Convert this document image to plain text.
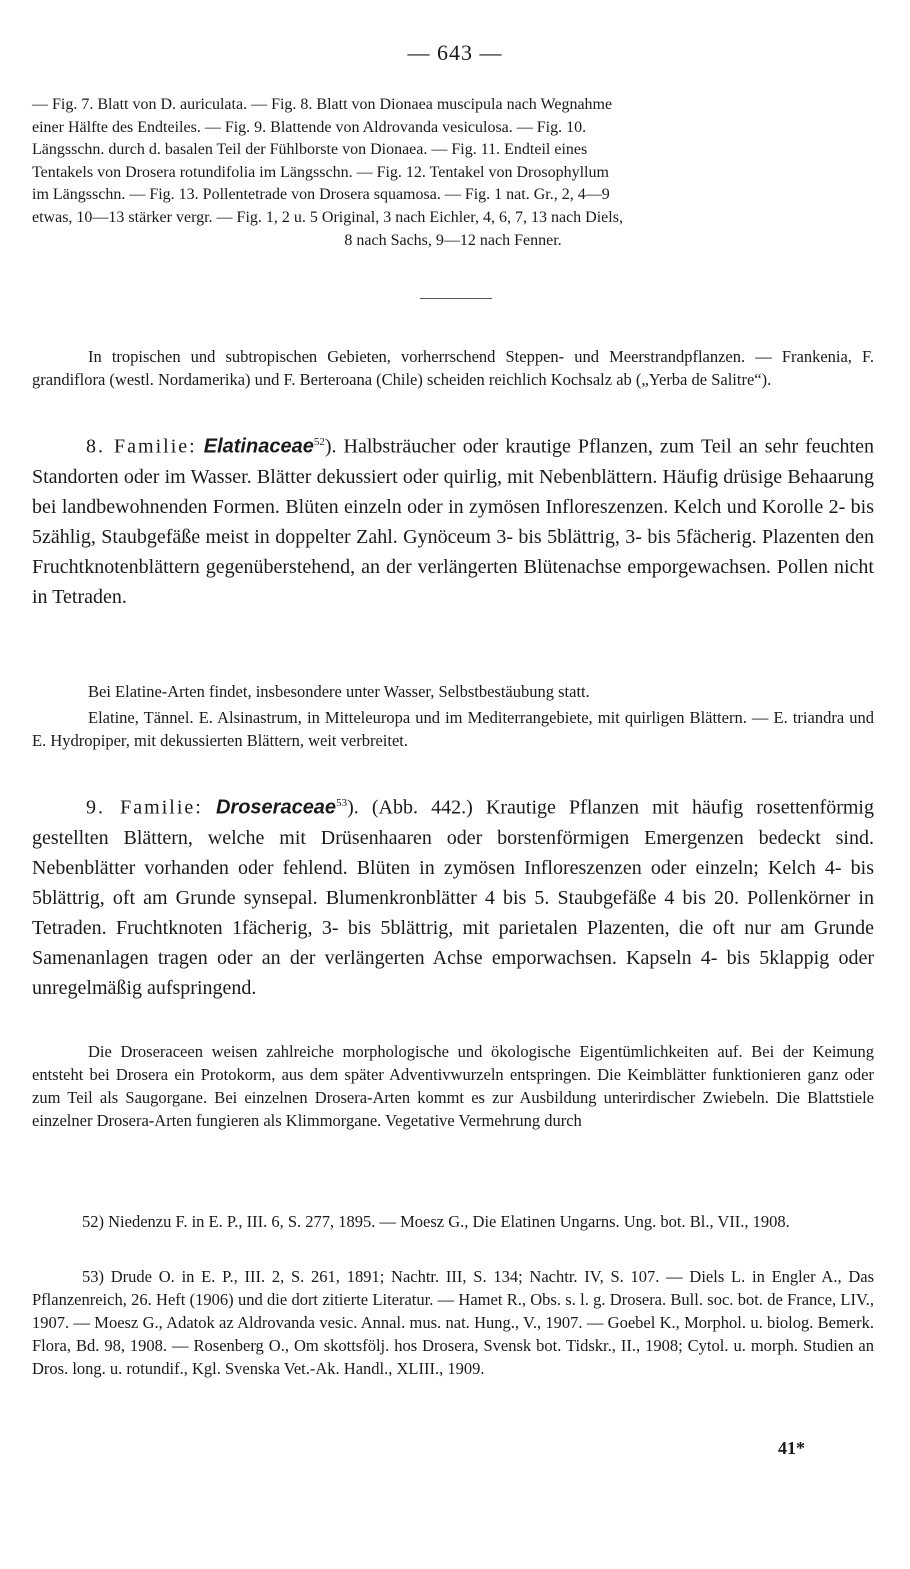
— 643 —
— Fig. 7. Blatt von D. auriculata. — Fig. 8. Blatt von Dionaea muscipula nach Wegnahme
einer Hälfte des Endteiles. — Fig. 9. Blattende von Aldrovanda vesiculosa. — Fig. 10.
Längsschn. durch d. basalen Teil der Fühlborste von Dionaea. — Fig. 11. Endteil eines
Tentakels von Drosera rotundifolia im Längsschn. — Fig. 12. Tentakel von Drosophyllum
im Längsschn. — Fig. 13. Pollentetrade von Drosera squamosa. — Fig. 1 nat. Gr., 2, 4—9
etwas, 10—13 stärker vergr. — Fig. 1, 2 u. 5 Original, 3 nach Eichler, 4, 6, 7, 13 nach Diels,
8 nach Sachs, 9—12 nach Fenner.

In tropischen und subtropischen Gebieten, vorherrschend Steppen- und Meerstrandpflanzen. — Frankenia, F. grandiflora (westl. Nordamerika) und F. Berteroana (Chile) scheiden reichlich Kochsalz ab („Yerba de Salitre“).

8. Familie: Elatinaceae$^{52}$). Halbsträucher oder krautige Pflanzen, zum Teil an sehr feuchten Standorten oder im Wasser. Blätter dekussiert oder quirlig, mit Nebenblättern. Häufig drüsige Behaarung bei landbewohnenden Formen. Blüten einzeln oder in zymösen Infloreszenzen. Kelch und Korolle 2- bis 5zählig, Staubgefäße meist in doppelter Zahl. Gynöceum 3- bis 5blättrig, 3- bis 5fächerig. Plazenten den Fruchtknotenblättern gegenüberstehend, an der verlängerten Blütenachse emporgewachsen. Pollen nicht in Tetraden.

Bei Elatine-Arten findet, insbesondere unter Wasser, Selbstbestäubung statt.

Elatine, Tännel. E. Alsinastrum, in Mitteleuropa und im Mediterrangebiete, mit quirligen Blättern. — E. triandra und E. Hydropiper, mit dekussierten Blättern, weit verbreitet.

9. Familie: Droseraceae$^{53}$). (Abb. 442.) Krautige Pflanzen mit häufig rosettenförmig gestellten Blättern, welche mit Drüsenhaaren oder borstenförmigen Emergenzen bedeckt sind. Nebenblätter vorhanden oder fehlend. Blüten in zymösen Infloreszenzen oder einzeln; Kelch 4- bis 5blättrig, oft am Grunde synsepal. Blumenkronblätter 4 bis 5. Staubgefäße 4 bis 20. Pollenkörner in Tetraden. Fruchtknoten 1fächerig, 3- bis 5blättrig, mit parietalen Plazenten, die oft nur am Grunde Samenanlagen tragen oder an der verlängerten Achse emporwachsen. Kapseln 4- bis 5klappig oder unregelmäßig aufspringend.

Die Droseraceen weisen zahlreiche morphologische und ökologische Eigentümlichkeiten auf. Bei der Keimung entsteht bei Drosera ein Protokorm, aus dem später Adventivwurzeln entspringen. Die Keimblätter funktionieren ganz oder zum Teil als Saugorgane. Bei einzelnen Drosera-Arten kommt es zur Ausbildung unterirdischer Zwiebeln. Die Blattstiele einzelner Drosera-Arten fungieren als Klimmorgane. Vegetative Vermehrung durch

52) Niedenzu F. in E. P., III. 6, S. 277, 1895. — Moesz G., Die Elatinen Ungarns. Ung. bot. Bl., VII., 1908.

53) Drude O. in E. P., III. 2, S. 261, 1891; Nachtr. III, S. 134; Nachtr. IV, S. 107. — Diels L. in Engler A., Das Pflanzenreich, 26. Heft (1906) und die dort zitierte Literatur. — Hamet R., Obs. s. l. g. Drosera. Bull. soc. bot. de France, LIV., 1907. — Moesz G., Adatok az Aldrovanda vesic. Annal. mus. nat. Hung., V., 1907. — Goebel K., Morphol. u. biolog. Bemerk. Flora, Bd. 98, 1908. — Rosenberg O., Om skottsfölj. hos Drosera, Svensk bot. Tidskr., II., 1908; Cytol. u. morph. Studien an Dros. long. u. rotundif., Kgl. Svenska Vet.-Ak. Handl., XLIII., 1909.

41*
